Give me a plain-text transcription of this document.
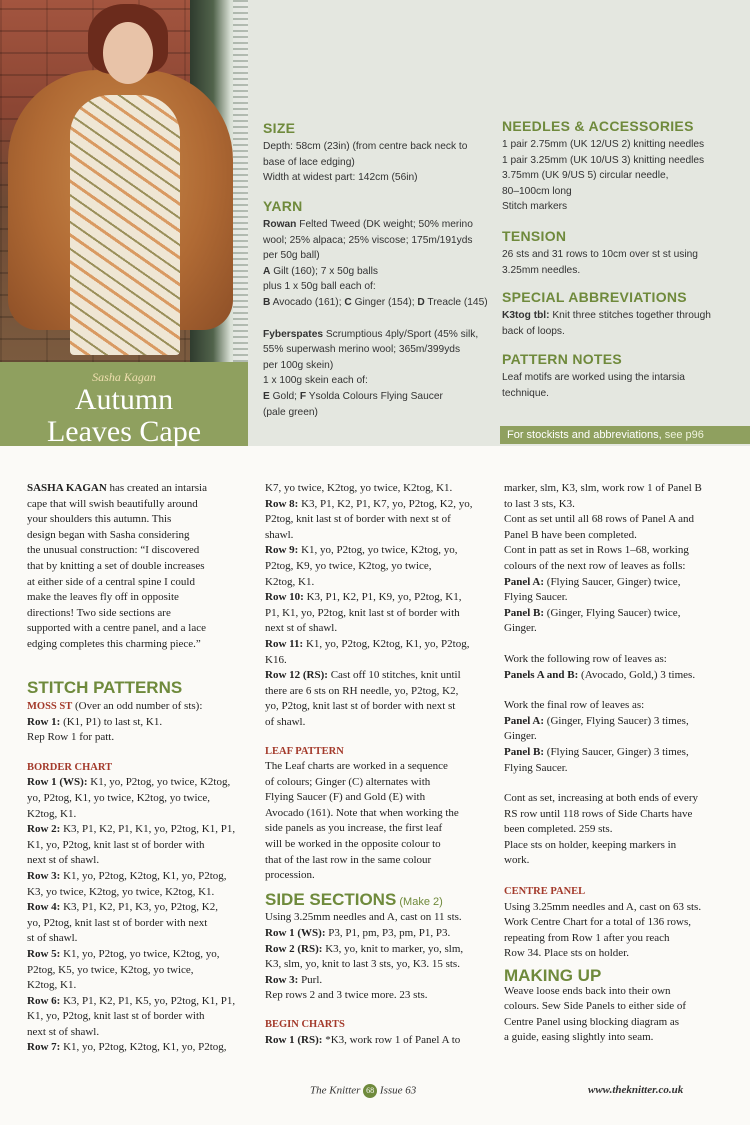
Sasha Kagan
Autumn
Leaves Cape
SIZE
Depth: 58cm (23in) (from centre back neck to
base of lace edging)
Width at widest part: 142cm (56in)
YARN
Rowan Felted Tweed (DK weight; 50% merino
wool; 25% alpaca; 25% viscose; 175m/191yds
per 50g ball)
A Gilt (160); 7 x 50g balls
plus 1 x 50g ball each of:
B Avocado (161); C Ginger (154); D Treacle (145)
Fyberspates Scrumptious 4ply/Sport (45% silk,
55% superwash merino wool; 365m/399yds
per 100g skein)
1 x 100g skein each of:
E Gold; F Ysolda Colours Flying Saucer
(pale green)
NEEDLES & ACCESSORIES
1 pair 2.75mm (UK 12/US 2) knitting needles
1 pair 3.25mm (UK 10/US 3) knitting needles
3.75mm (UK 9/US 5) circular needle,
80–100cm long
Stitch markers
TENSION
26 sts and 31 rows to 10cm over st st using
3.25mm needles.
SPECIAL ABBREVIATIONS
K3tog tbl: Knit three stitches together through
back of loops.
PATTERN NOTES
Leaf motifs are worked using the intarsia
technique.
For stockists and abbreviations, see p96
SASHA KAGAN has created an intarsia
cape that will swish beautifully around
your shoulders this autumn. This
design began with Sasha considering
the unusual construction: “I discovered
that by knitting a set of double increases
at either side of a central spine I could
make the leaves fly off in opposite
directions! Two side sections are
supported with a centre panel, and a lace
edging completes this charming piece.”
STITCH PATTERNS
MOSS ST (Over an odd number of sts):
Row 1: (K1, P1) to last st, K1.
Rep Row 1 for patt.
BORDER CHART
Row 1 (WS): K1, yo, P2tog, yo twice, K2tog,
yo, P2tog, K1, yo twice, K2tog, yo twice,
K2tog, K1.
Row 2: K3, P1, K2, P1, K1, yo, P2tog, K1, P1,
K1, yo, P2tog, knit last st of border with
next st of shawl.
Row 3: K1, yo, P2tog, K2tog, K1, yo, P2tog,
K3, yo twice, K2tog, yo twice, K2tog, K1.
Row 4: K3, P1, K2, P1, K3, yo, P2tog, K2,
yo, P2tog, knit last st of border with next
st of shawl.
Row 5: K1, yo, P2tog, yo twice, K2tog, yo,
P2tog, K5, yo twice, K2tog, yo twice,
K2tog, K1.
Row 6: K3, P1, K2, P1, K5, yo, P2tog, K1, P1,
K1, yo, P2tog, knit last st of border with
next st of shawl.
Row 7: K1, yo, P2tog, K2tog, K1, yo, P2tog,
K7, yo twice, K2tog, yo twice, K2tog, K1.
Row 8: K3, P1, K2, P1, K7, yo, P2tog, K2, yo,
P2tog, knit last st of border with next st of
shawl.
Row 9: K1, yo, P2tog, yo twice, K2tog, yo,
P2tog, K9, yo twice, K2tog, yo twice,
K2tog, K1.
Row 10: K3, P1, K2, P1, K9, yo, P2tog, K1,
P1, K1, yo, P2tog, knit last st of border with
next st of shawl.
Row 11: K1, yo, P2tog, K2tog, K1, yo, P2tog,
K16.
Row 12 (RS): Cast off 10 stitches, knit until
there are 6 sts on RH needle, yo, P2tog, K2,
yo, P2tog, knit last st of border with next st
of shawl.
LEAF PATTERN
The Leaf charts are worked in a sequence
of colours; Ginger (C) alternates with
Flying Saucer (F) and Gold (E) with
Avocado (161). Note that when working the
side panels as you increase, the first leaf
will be worked in the opposite colour to
that of the last row in the same colour
procession.
SIDE SECTIONS (Make 2)
Using 3.25mm needles and A, cast on 11 sts.
Row 1 (WS): P3, P1, pm, P3, pm, P1, P3.
Row 2 (RS): K3, yo, knit to marker, yo, slm,
K3, slm, yo, knit to last 3 sts, yo, K3. 15 sts.
Row 3: Purl.
Rep rows 2 and 3 twice more. 23 sts.
BEGIN CHARTS
Row 1 (RS): *K3, work row 1 of Panel A to
marker, slm, K3, slm, work row 1 of Panel B
to last 3 sts, K3.
Cont as set until all 68 rows of Panel A and
Panel B have been completed.
Cont in patt as set in Rows 1–68, working
colours of the next row of leaves as folls:
Panel A: (Flying Saucer, Ginger) twice,
Flying Saucer.
Panel B: (Ginger, Flying Saucer) twice,
Ginger.
Work the following row of leaves as:
Panels A and B: (Avocado, Gold,) 3 times.
Work the final row of leaves as:
Panel A: (Ginger, Flying Saucer) 3 times,
Ginger.
Panel B: (Flying Saucer, Ginger) 3 times,
Flying Saucer.
Cont as set, increasing at both ends of every
RS row until 118 rows of Side Charts have
been completed. 259 sts.
Place sts on holder, keeping markers in
work.
CENTRE PANEL
Using 3.25mm needles and A, cast on 63 sts.
Work Centre Chart for a total of 136 rows,
repeating from Row 1 after you reach
Row 34. Place sts on holder.
MAKING UP
Weave loose ends back into their own
colours. Sew Side Panels to either side of
Centre Panel using blocking diagram as
a guide, easing slightly into seam.
The Knitter 68 Issue 63	www.theknitter.co.uk
